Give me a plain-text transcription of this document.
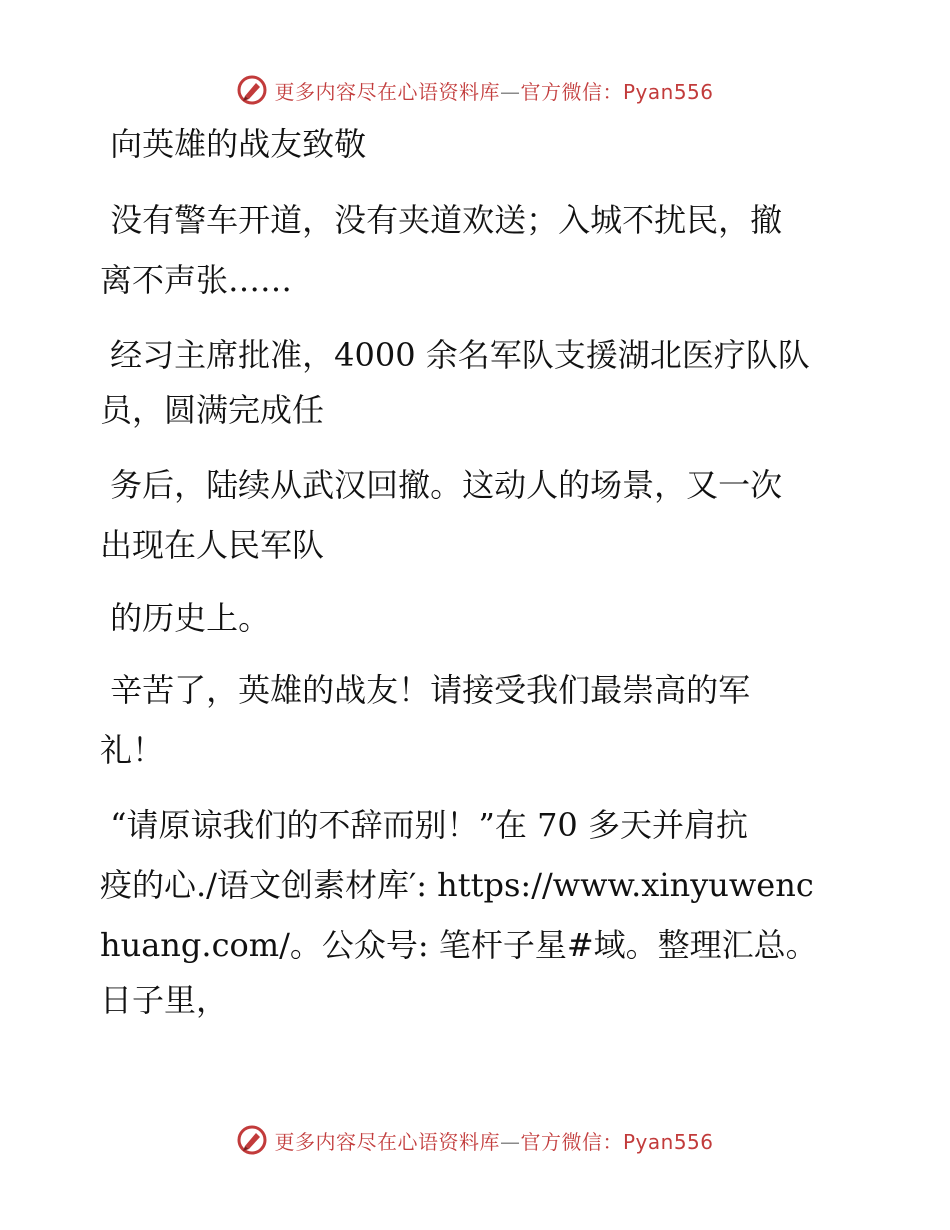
更多内容尽在心语资料库—官方微信：Pyan556
向英雄的战友致敬
没有警车开道，没有夹道欢送；入城不扰民，撤
离不声张……
经习主席批准，4000 余名军队支援湖北医疗队队
员，圆满完成任
务后，陆续从武汉回撤。这动人的场景，又一次
出现在人民军队
的历史上。
辛苦了，英雄的战友！请接受我们最崇高的军
礼！
“请原谅我们的不辞而别！”在 70 多天并肩抗
疫的心./语文创素材库′: https://www.xinyuwenc
huang.com/。公众号: 笔杆子星#域。整理汇总。
日子里，
更多内容尽在心语资料库—官方微信：Pyan556
